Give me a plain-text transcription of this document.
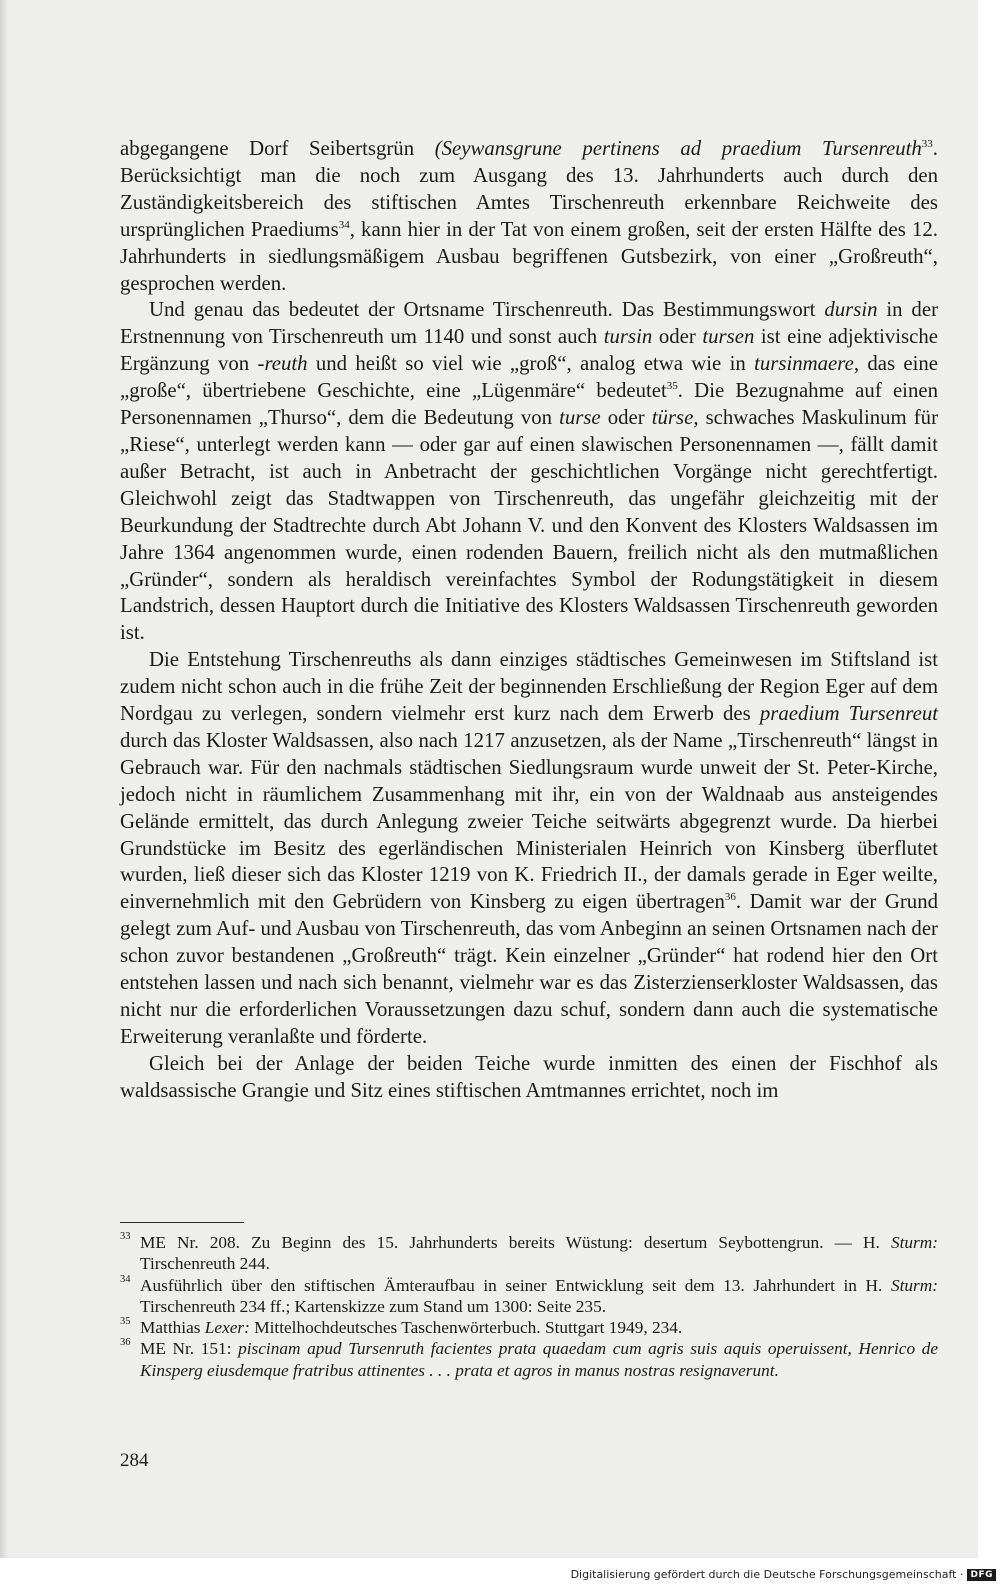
abgegangene Dorf Seibertsgrün (Seywansgrune pertinens ad praedium Tursenreuth$^{33}$. Berücksichtigt man die noch zum Ausgang des 13. Jahrhunderts auch durch den Zuständigkeitsbereich des stiftischen Amtes Tirschenreuth erkennbare Reichweite des ursprünglichen Praediums$^{34}$, kann hier in der Tat von einem großen, seit der ersten Hälfte des 12. Jahrhunderts in siedlungsmäßigem Ausbau begriffenen Gutsbezirk, von einer „Großreuth“, gesprochen werden.

Und genau das bedeutet der Ortsname Tirschenreuth. Das Bestimmungswort dursin in der Erstnennung von Tirschenreuth um 1140 und sonst auch tursin oder tursen ist eine adjektivische Ergänzung von -reuth und heißt so viel wie „groß“, analog etwa wie in tursinmaere, das eine „große“, übertriebene Geschichte, eine „Lügenmäre“ bedeutet$^{35}$. Die Bezugnahme auf einen Personennamen „Thurso“, dem die Bedeutung von turse oder türse, schwaches Maskulinum für „Riese“, unterlegt werden kann — oder gar auf einen slawischen Personennamen —, fällt damit außer Betracht, ist auch in Anbetracht der geschichtlichen Vorgänge nicht gerechtfertigt. Gleichwohl zeigt das Stadtwappen von Tirschenreuth, das ungefähr gleichzeitig mit der Beurkundung der Stadtrechte durch Abt Johann V. und den Konvent des Klosters Waldsassen im Jahre 1364 angenommen wurde, einen rodenden Bauern, freilich nicht als den mutmaßlichen „Gründer“, sondern als heraldisch vereinfachtes Symbol der Rodungstätigkeit in diesem Landstrich, dessen Hauptort durch die Initiative des Klosters Waldsassen Tirschenreuth geworden ist.

Die Entstehung Tirschenreuths als dann einziges städtisches Gemeinwesen im Stiftsland ist zudem nicht schon auch in die frühe Zeit der beginnenden Erschließung der Region Eger auf dem Nordgau zu verlegen, sondern vielmehr erst kurz nach dem Erwerb des praedium Tursenreut durch das Kloster Waldsassen, also nach 1217 anzusetzen, als der Name „Tirschenreuth“ längst in Gebrauch war. Für den nachmals städtischen Siedlungsraum wurde unweit der St. Peter-Kirche, jedoch nicht in räumlichem Zusammenhang mit ihr, ein von der Waldnaab aus ansteigendes Gelände ermittelt, das durch Anlegung zweier Teiche seitwärts abgegrenzt wurde. Da hierbei Grundstücke im Besitz des egerländischen Ministerialen Heinrich von Kinsberg überflutet wurden, ließ dieser sich das Kloster 1219 von K. Friedrich II., der damals gerade in Eger weilte, einvernehmlich mit den Gebrüdern von Kinsberg zu eigen übertragen$^{36}$. Damit war der Grund gelegt zum Auf- und Ausbau von Tirschenreuth, das vom Anbeginn an seinen Ortsnamen nach der schon zuvor bestandenen „Großreuth“ trägt. Kein einzelner „Gründer“ hat rodend hier den Ort entstehen lassen und nach sich benannt, vielmehr war es das Zisterzienserkloster Waldsassen, das nicht nur die erforderlichen Voraussetzungen dazu schuf, sondern dann auch die systematische Erweiterung veranlaßte und förderte.

Gleich bei der Anlage der beiden Teiche wurde inmitten des einen der Fischhof als waldsassische Grangie und Sitz eines stiftischen Amtmannes errichtet, noch im

33 ME Nr. 208. Zu Beginn des 15. Jahrhunderts bereits Wüstung: desertum Seybottengrun. — H. Sturm: Tirschenreuth 244.

34 Ausführlich über den stiftischen Ämteraufbau in seiner Entwicklung seit dem 13. Jahrhundert in H. Sturm: Tirschenreuth 234 ff.; Kartenskizze zum Stand um 1300: Seite 235.

35 Matthias Lexer: Mittelhochdeutsches Taschenwörterbuch. Stuttgart 1949, 234.

36 ME Nr. 151: piscinam apud Tursenruth facientes prata quaedam cum agris suis aquis operuissent, Henrico de Kinsperg eiusdemque fratribus attinentes . . . prata et agros in manus nostras resignaverunt.

284
Digitalisierung gefördert durch die Deutsche Forschungsgemeinschaft · DFG
